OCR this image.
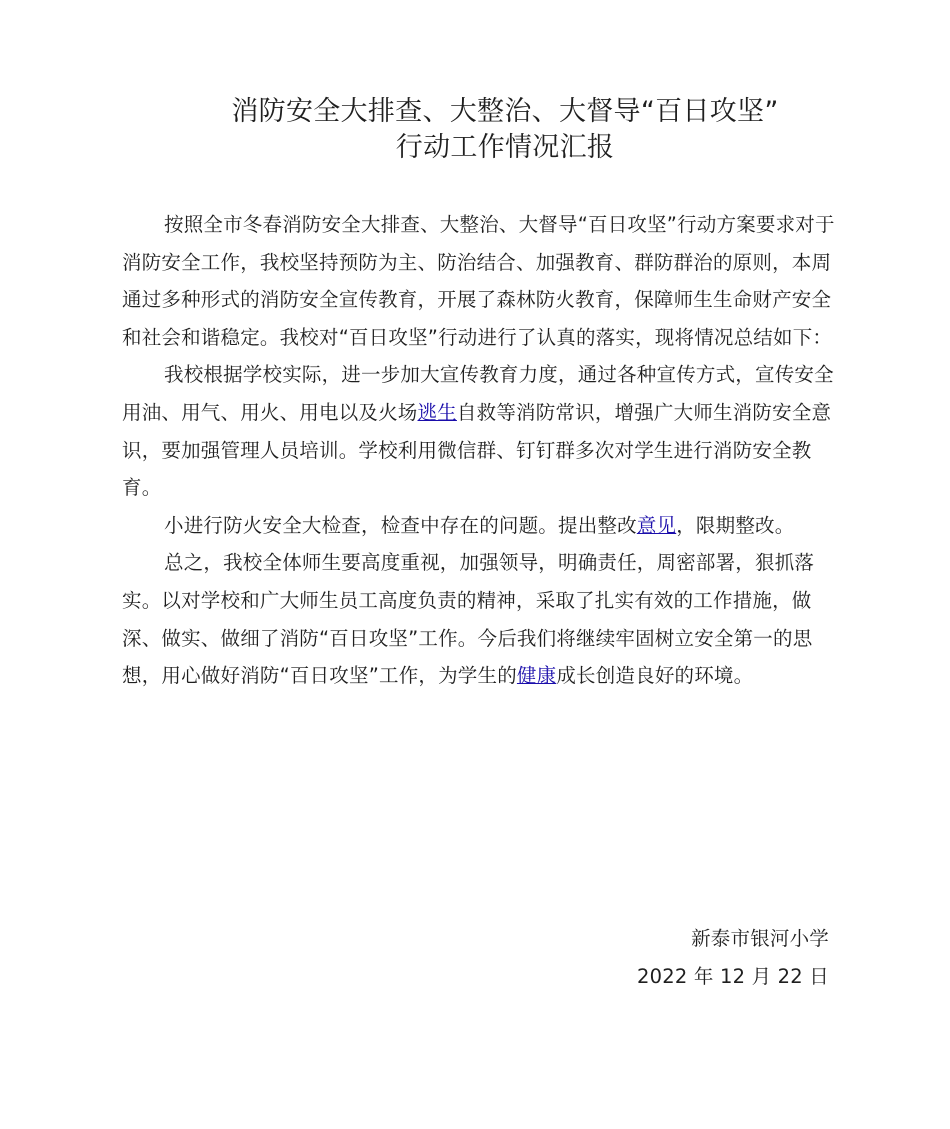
消防安全大排查、大整治、大督导“百日攻坚”
行动工作情况汇报

按照全市冬春消防安全大排查、大整治、大督导“百日攻坚”行动方案要求对于消防安全工作，我校坚持预防为主、防治结合、加强教育、群防群治的原则，本周通过多种形式的消防安全宣传教育，开展了森林防火教育，保障师生生命财产安全和社会和谐稳定。我校对“百日攻坚”行动进行了认真的落实，现将情况总结如下：

我校根据学校实际，进一步加大宣传教育力度，通过各种宣传方式，宣传安全用油、用气、用火、用电以及火场逃生自救等消防常识，增强广大师生消防安全意识，要加强管理人员培训。学校利用微信群、钉钉群多次对学生进行消防安全教育。

小进行防火安全大检查，检查中存在的问题。提出整改意见，限期整改。

总之，我校全体师生要高度重视，加强领导，明确责任，周密部署，狠抓落实。以对学校和广大师生员工高度负责的精神，采取了扎实有效的工作措施，做深、做实、做细了消防“百日攻坚”工作。今后我们将继续牢固树立安全第一的思想，用心做好消防“百日攻坚”工作，为学生的健康成长创造良好的环境。

新泰市银河小学
2022 年 12 月 22 日
